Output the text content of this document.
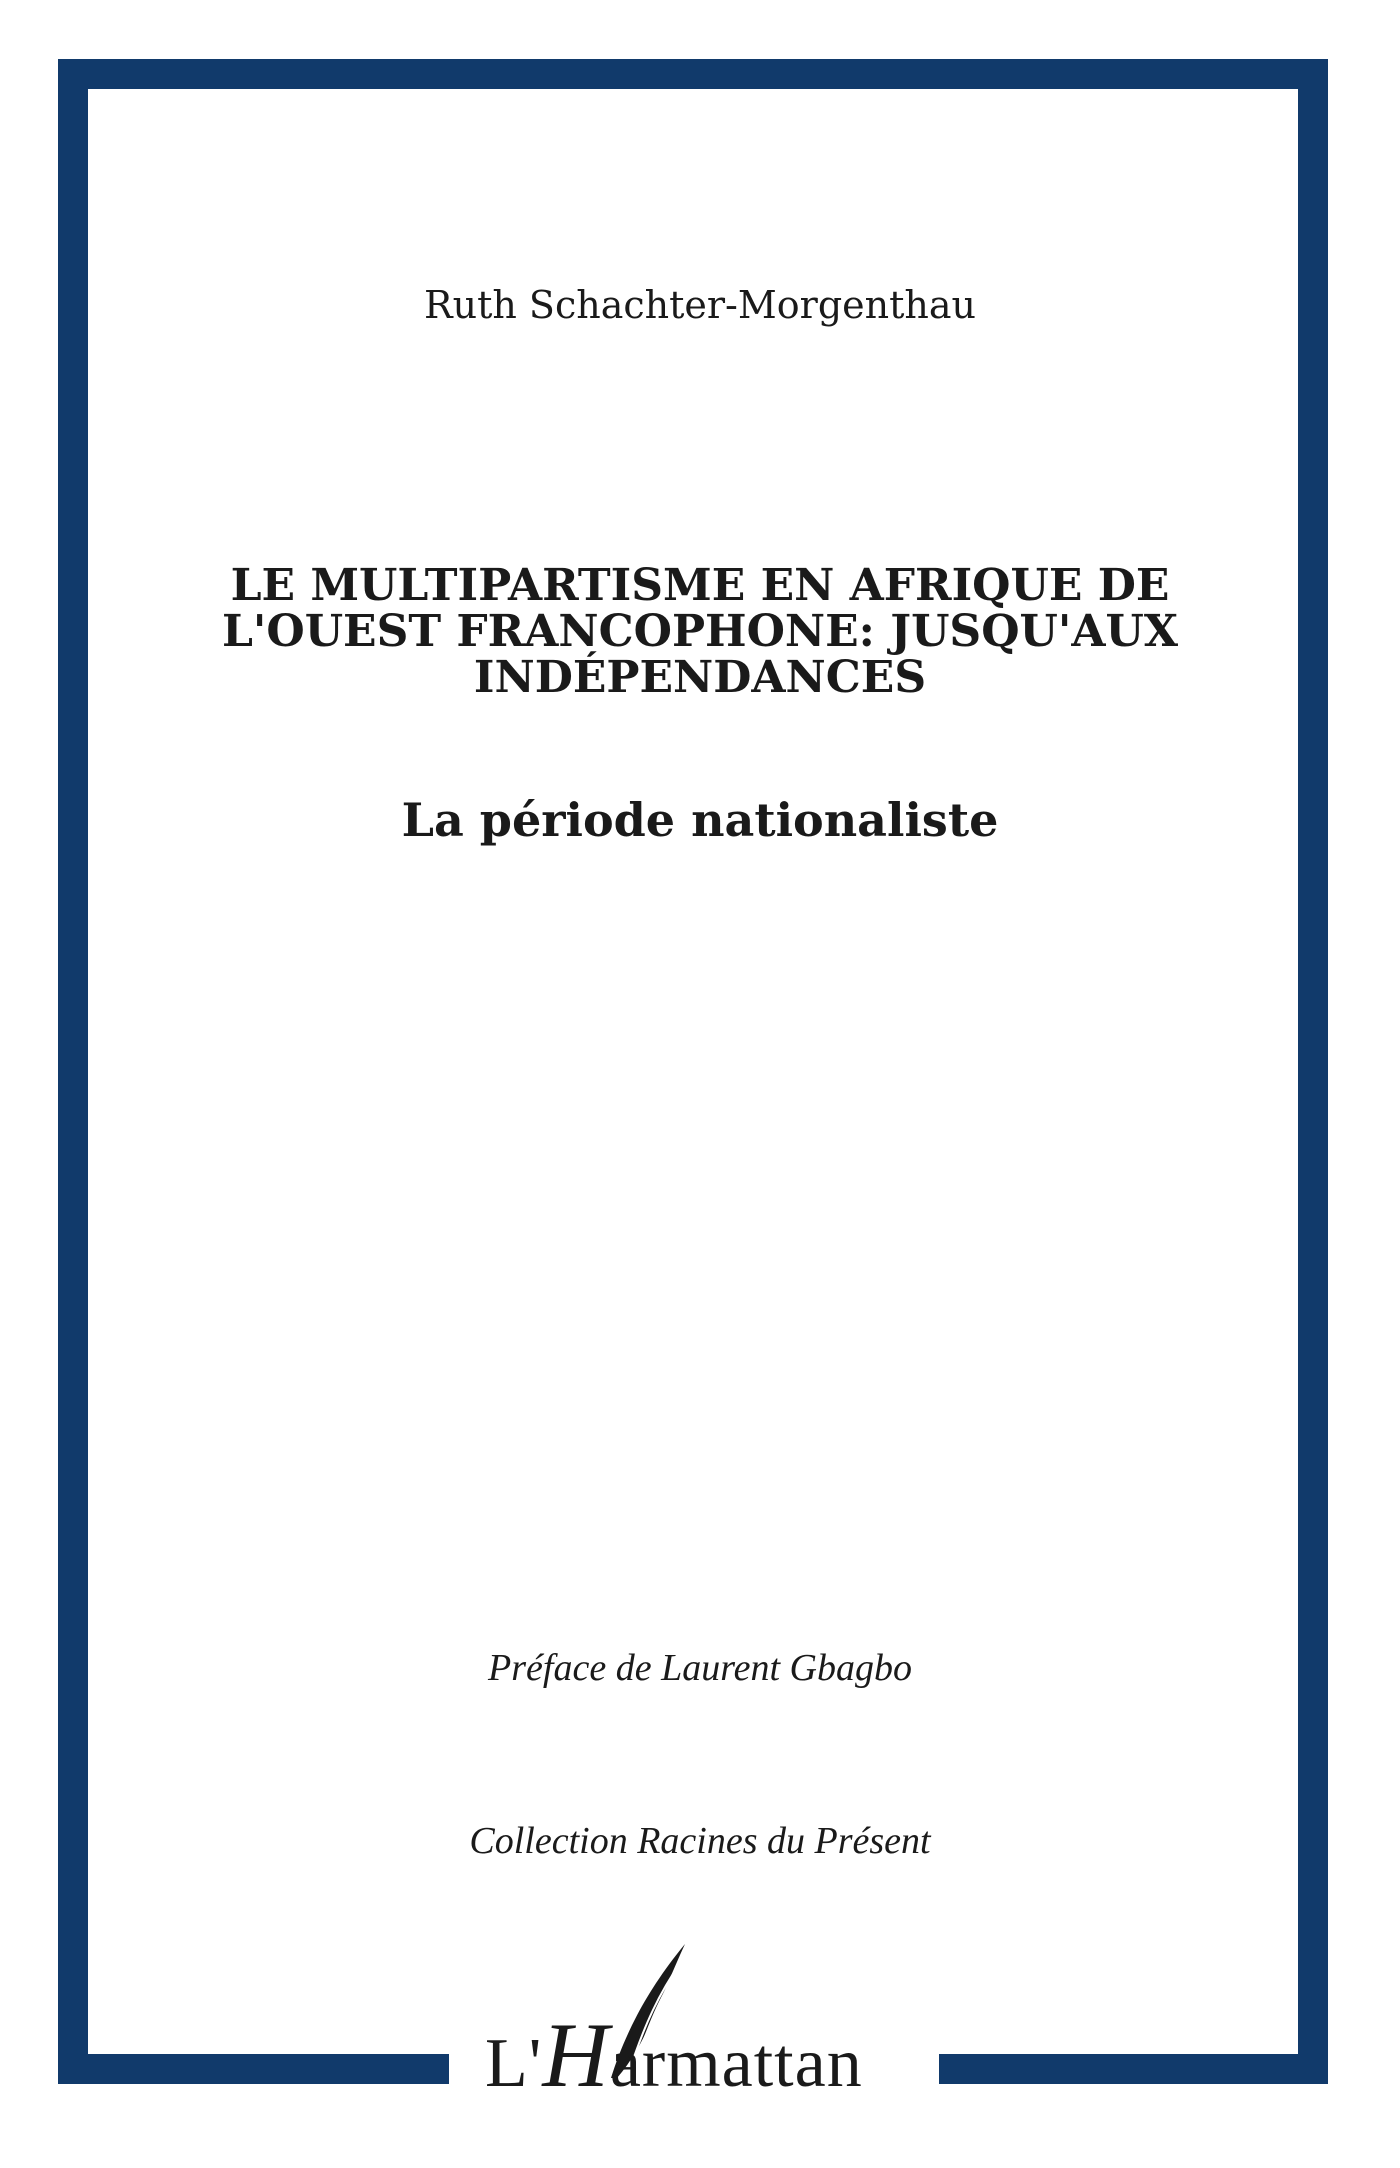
Ruth Schachter-Morgenthau
LE MULTIPARTISME EN AFRIQUE DE
L'OUEST FRANCOPHONE: JUSQU'AUX
INDÉPENDANCES
La période nationaliste
Préface de Laurent Gbagbo
Collection Racines du Présent
L'Harmattan
